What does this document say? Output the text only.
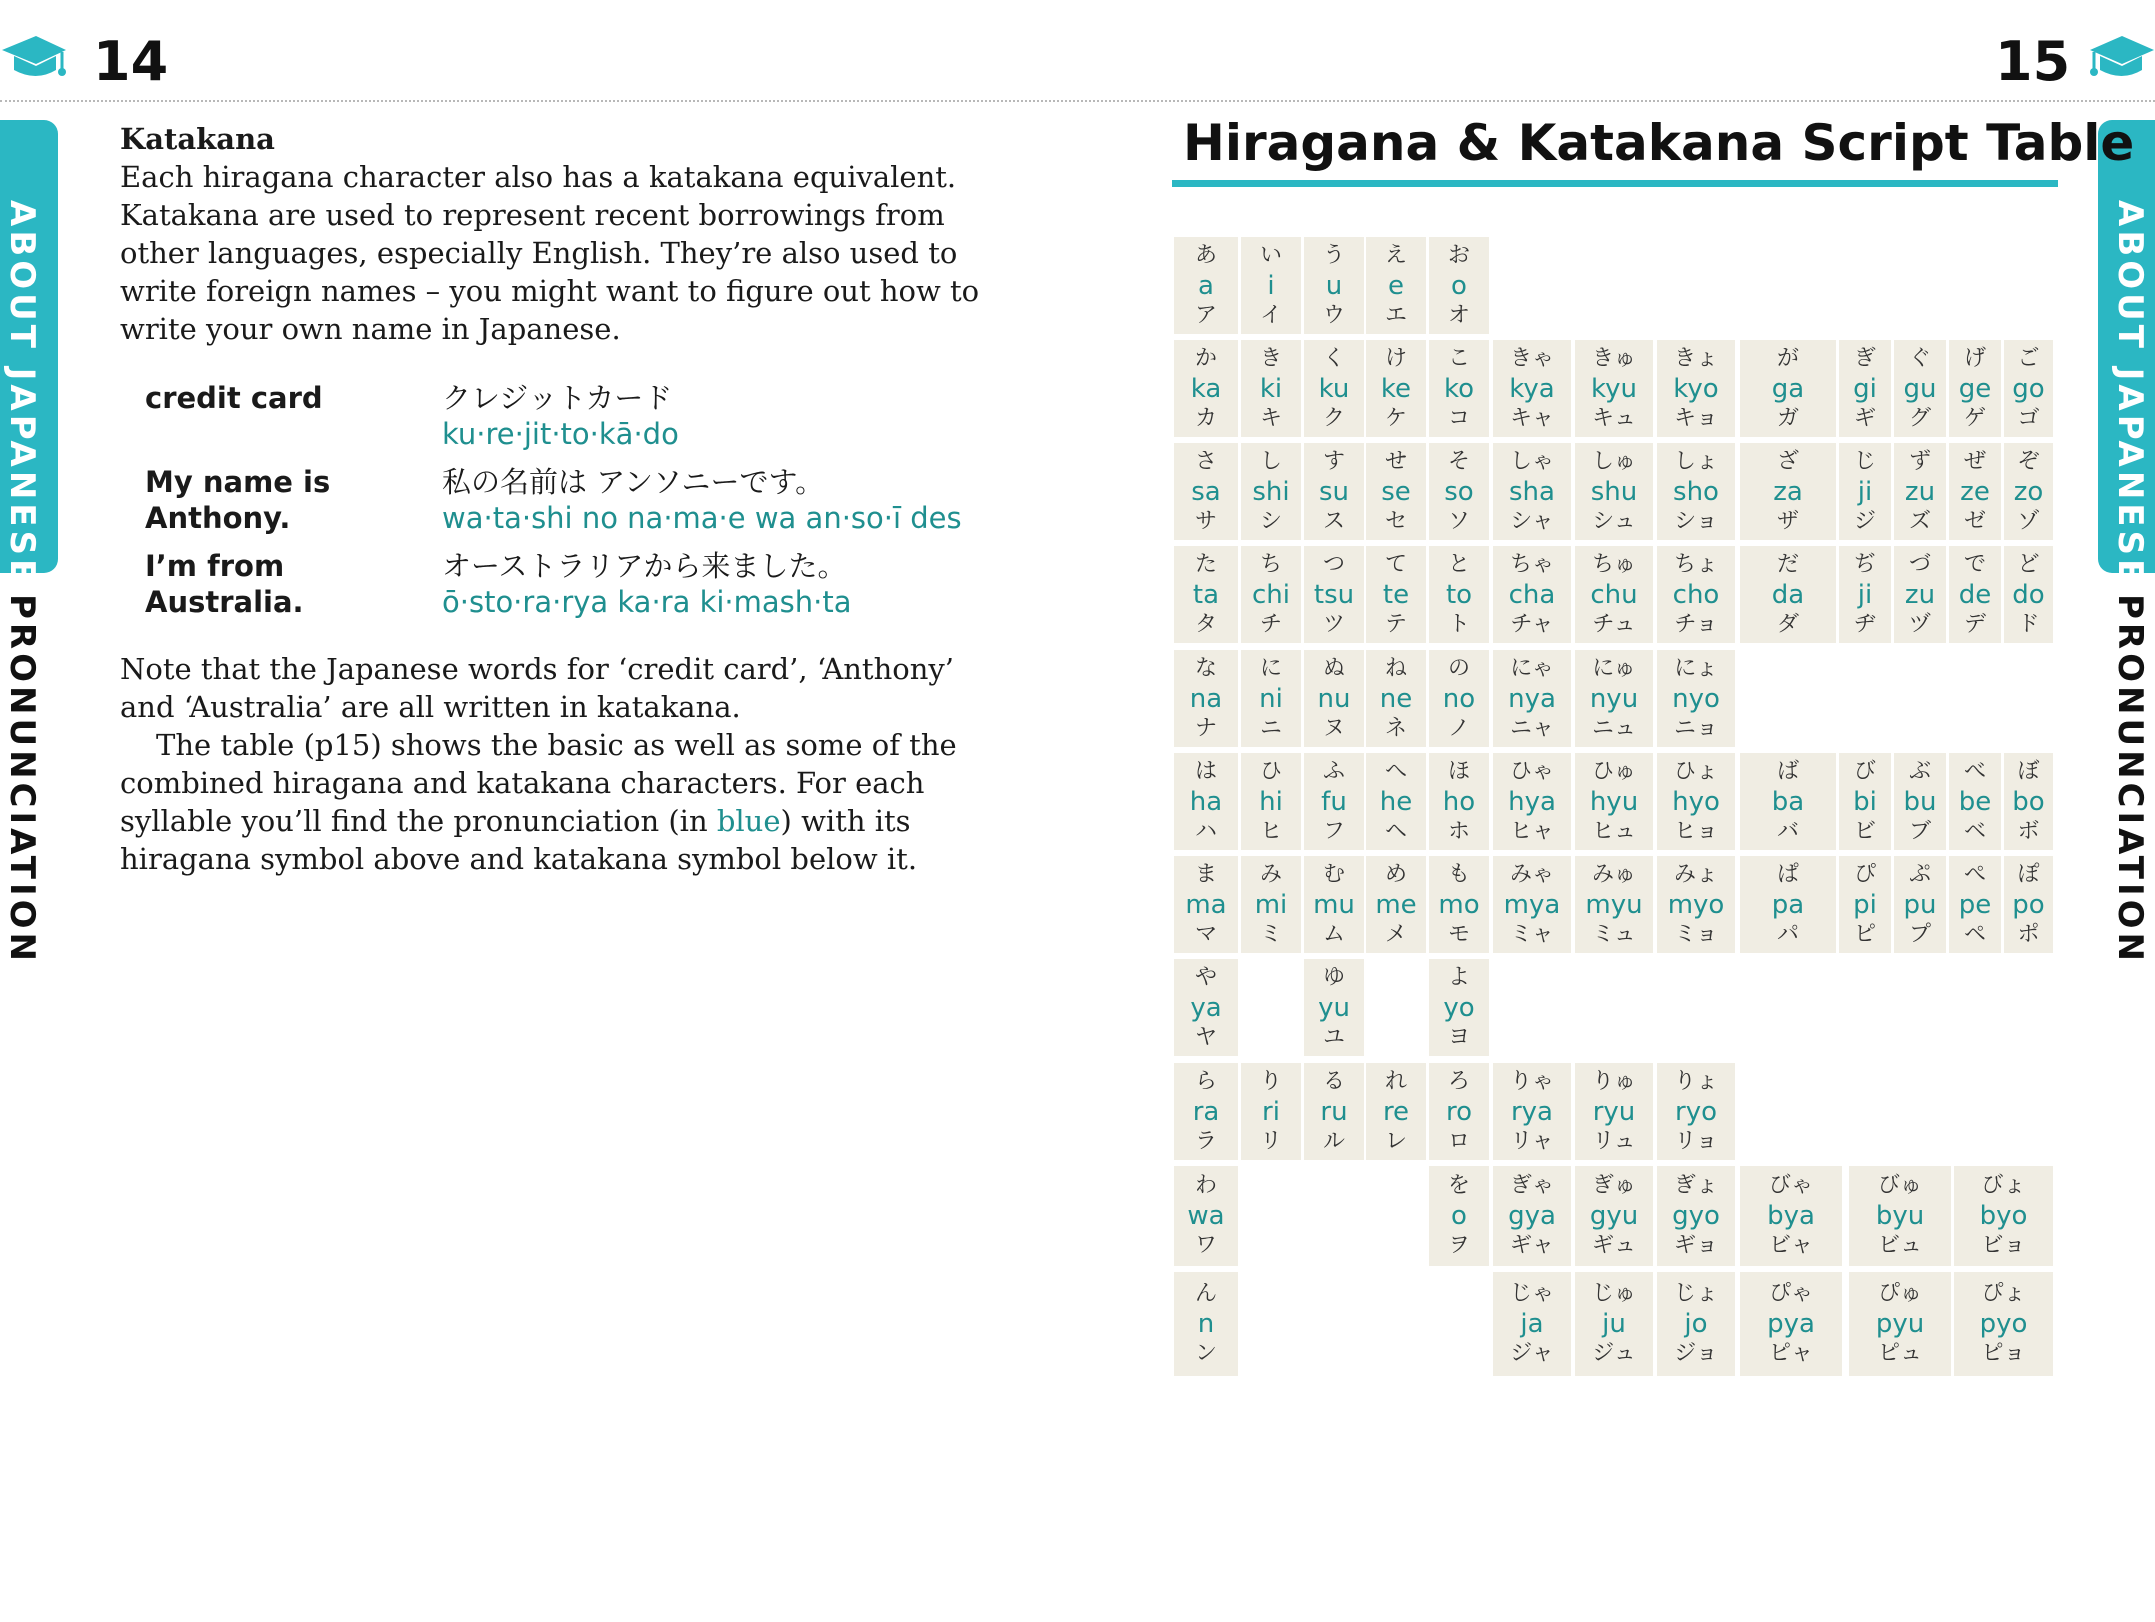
14	15
ABOUT JAPANESE
PRONUNCIATION
ABOUT JAPANESE
PRONUNCIATION
Katakana
Each hiragana character also has a katakana equivalent. Katakana are used to represent recent borrowings from other languages, especially English. They’re also used to write foreign names – you might want to figure out how to write your own name in Japanese.
credit card	クレジットカード
ku·re·jit·to·kā·do
My name is
Anthony.
私の名前は アンソニーです。
wa·ta·shi no na·ma·e wa an·so·ī des
I’m from
Australia.
オーストラリアから来ました。
ō·sto·ra·rya ka·ra ki·mash·ta

Note that the Japanese words for ‘credit card’, ‘Anthony’ and ‘Australia’ are all written in katakana.

The table (p15) shows the basic as well as some of the combined hiragana and katakana characters. For each syllable you’ll find the pronunciation (in blue) with its hiragana symbol above and katakana symbol below it.

Hiragana & Katakana Script Table
あ
a
ア
い
i
イ
う
u
ウ
え
e
エ
お
o
オ
か
ka
カ
き
ki
キ
く
ku
ク
け
ke
ケ
こ
ko
コ
きゃ
kya
キャ
きゅ
kyu
キュ
きょ
kyo
キョ
が
ga
ガ
ぎ
gi
ギ
ぐ
gu
グ
げ
ge
ゲ
ご
go
ゴ
さ
sa
サ
し
shi
シ
す
su
ス
せ
se
セ
そ
so
ソ
しゃ
sha
シャ
しゅ
shu
シュ
しょ
sho
ショ
ざ
za
ザ
じ
ji
ジ
ず
zu
ズ
ぜ
ze
ゼ
ぞ
zo
ゾ
た
ta
タ
ち
chi
チ
つ
tsu
ツ
て
te
テ
と
to
ト
ちゃ
cha
チャ
ちゅ
chu
チュ
ちょ
cho
チョ
だ
da
ダ
ぢ
ji
ヂ
づ
zu
ヅ
で
de
デ
ど
do
ド
な
na
ナ
に
ni
ニ
ぬ
nu
ヌ
ね
ne
ネ
の
no
ノ
にゃ
nya
ニャ
にゅ
nyu
ニュ
にょ
nyo
ニョ
は
ha
ハ
ひ
hi
ヒ
ふ
fu
フ
へ
he
ヘ
ほ
ho
ホ
ひゃ
hya
ヒャ
ひゅ
hyu
ヒュ
ひょ
hyo
ヒョ
ば
ba
バ
び
bi
ビ
ぶ
bu
ブ
べ
be
ベ
ぼ
bo
ボ
ま
ma
マ
み
mi
ミ
む
mu
ム
め
me
メ
も
mo
モ
みゃ
mya
ミャ
みゅ
myu
ミュ
みょ
myo
ミョ
ぱ
pa
パ
ぴ
pi
ピ
ぷ
pu
プ
ぺ
pe
ペ
ぽ
po
ポ
や
ya
ヤ
ゆ
yu
ユ
よ
yo
ヨ
ら
ra
ラ
り
ri
リ
る
ru
ル
れ
re
レ
ろ
ro
ロ
りゃ
rya
リャ
りゅ
ryu
リュ
りょ
ryo
リョ
わ
wa
ワ
を
o
ヲ
ぎゃ
gya
ギャ
ぎゅ
gyu
ギュ
ぎょ
gyo
ギョ
びゃ
bya
ビャ
びゅ
byu
ビュ
びょ
byo
ビョ
ん
n
ン
じゃ
ja
ジャ
じゅ
ju
ジュ
じょ
jo
ジョ
ぴゃ
pya
ピャ
ぴゅ
pyu
ピュ
ぴょ
pyo
ピョ
